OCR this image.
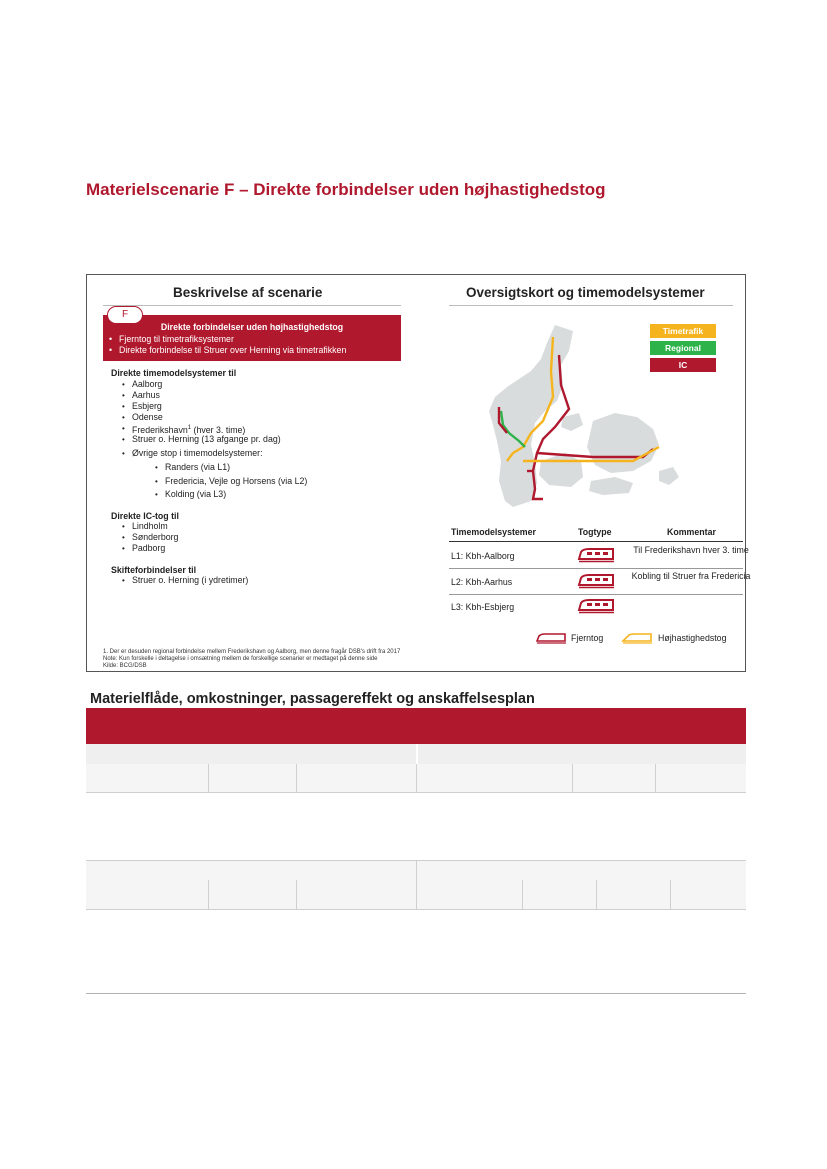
Materielscenarie F – Direkte forbindelser uden højhastighedstog
Beskrivelse af scenarie
F
Direkte forbindelser uden højhastighedstog
• Fjerntog til timetrafiksystemer
• Direkte forbindelse til Struer over Herning via timetrafikken
Direkte timemodelsystemer til
• Aalborg
• Aarhus
• Esbjerg
• Odense
• Frederikshavn$^1$ (hver 3. time)
• Struer o. Herning (13 afgange pr. dag)
• Øvrige stop i timemodelsystemer:
• Randers (via L1)
• Fredericia, Vejle og Horsens (via L2)
• Kolding (via L3)
Direkte IC-tog til
• Lindholm
• Sønderborg
• Padborg
Skifteforbindelser til
• Struer o. Herning (i ydretimer)
Oversigtskort og timemodelsystemer
Timetrafik
Regional
IC
Timemodelsystemer	Togtype	Kommentar
L1: Kbh-Aalborg
Til Frederikshavn hver 3. time
L2: Kbh-Aarhus
Kobling til Struer fra Fredericia
L3: Kbh-Esbjerg
Fjerntog	Højhastighedstog
1. Der er desuden regional forbindelse mellem Frederikshavn og Aalborg, men denne fragår DSB's drift fra 2017
Note: Kun forskelle i deltagelse i omsætning mellem de forskellige scenarier er medtaget på denne side
Kilde: BCG/DSB
Materielflåde, omkostninger, passagereffekt og anskaffelsesplan
